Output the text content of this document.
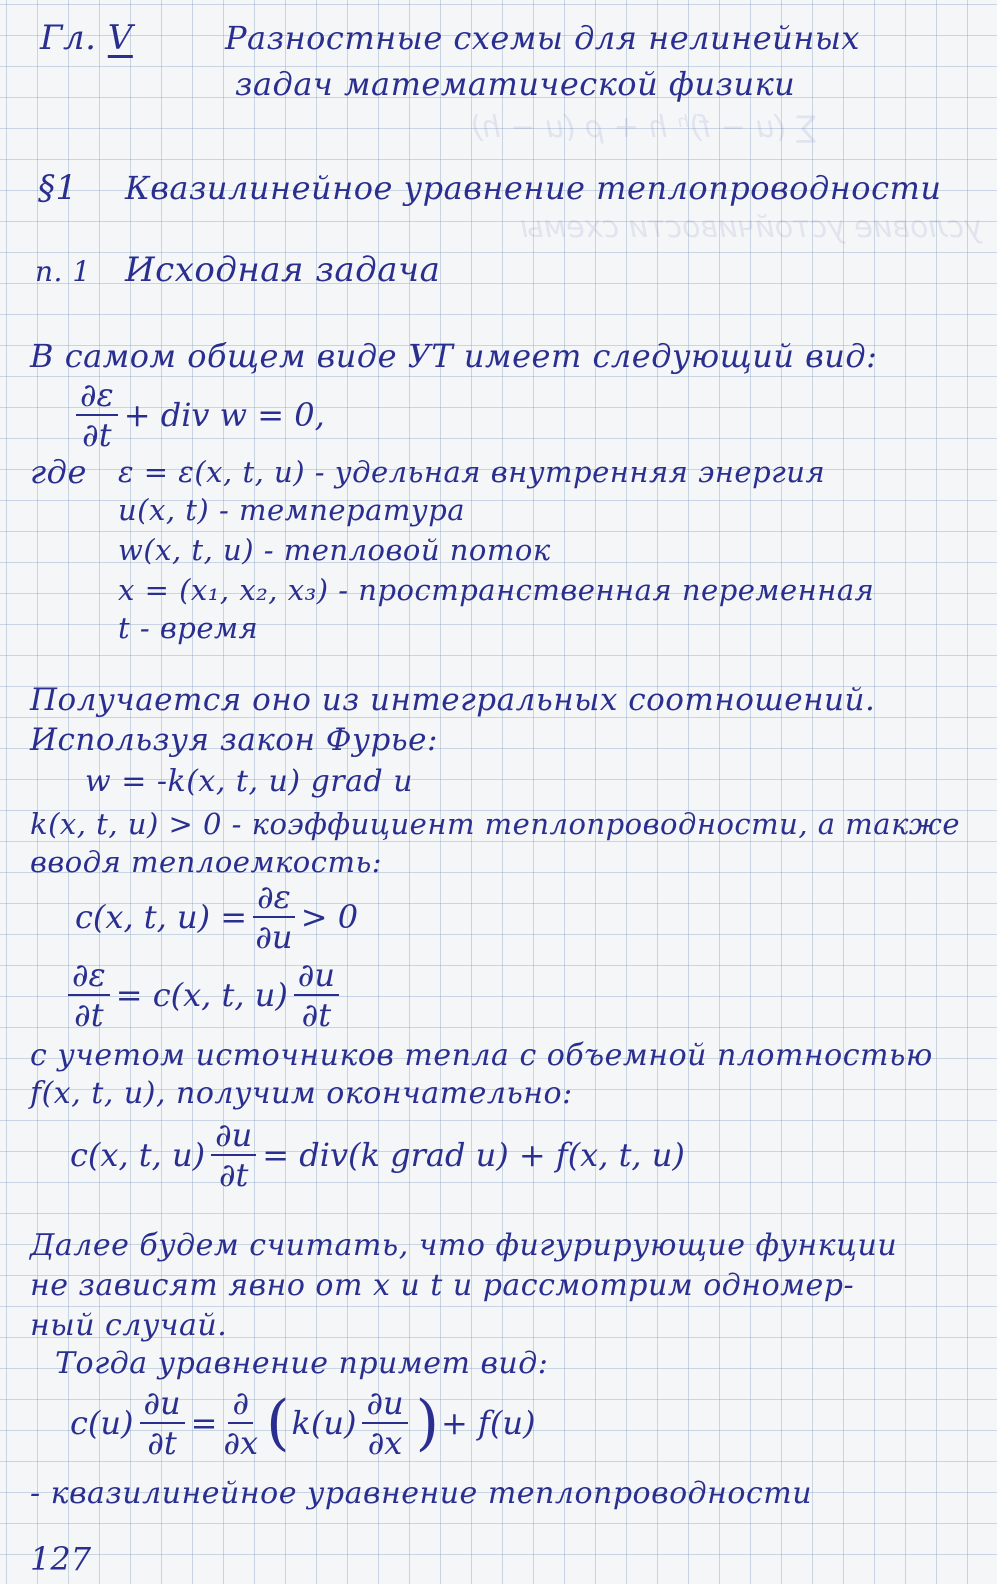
∑ (u − f)ʰ h + ρ (u − h)
условие устойчивости схемы
Гл. V	Разностные схемы для нелинейных
задач математической физики
§1 Квазилинейное уравнение теплопроводности
п. 1 Исходная задача
В самом общем виде УТ имеет следующий вид:
$\frac{\partial\varepsilon}{\partial t}$ + div w = 0,
где ε = ε(x, t, u) - удельная внутренняя энергия
u(x, t) - температура
w(x, t, u) - тепловой поток
x = (x₁, x₂, x₃) - пространственная переменная
t - время
Получается оно из интегральных соотношений.
Используя закон Фурье:
w = -k(x, t, u) grad u
k(x, t, u) > 0 - коэффициент теплопроводности, а также
вводя теплоемкость:
c(x, t, $u) = \frac{\partial\varepsilon}{\partial u} > 0$
$\frac{\partial\varepsilon}{\partial t} = c(x$, t, $u) \frac{\partial u}{\partial t}$
с учетом источников тепла с объемной плотностью
f(x, t, u), получим окончательно:
c(x, t, $u) \frac{\partial u}{\partial t} = div(k$ grad u) + f(x, t, u)
Далее будем считать, что фигурирующие функции
не зависят явно от x и t и рассмотрим одномер-
ный случай.
Тогда уравнение примет вид:
$c(u) \frac{\partial u}{\partial t} = \frac{\partial}{\partial x}$ ( $k(u) \frac{\partial u}{\partial x}$ ) + f(u)
- квазилинейное уравнение теплопроводности
127
